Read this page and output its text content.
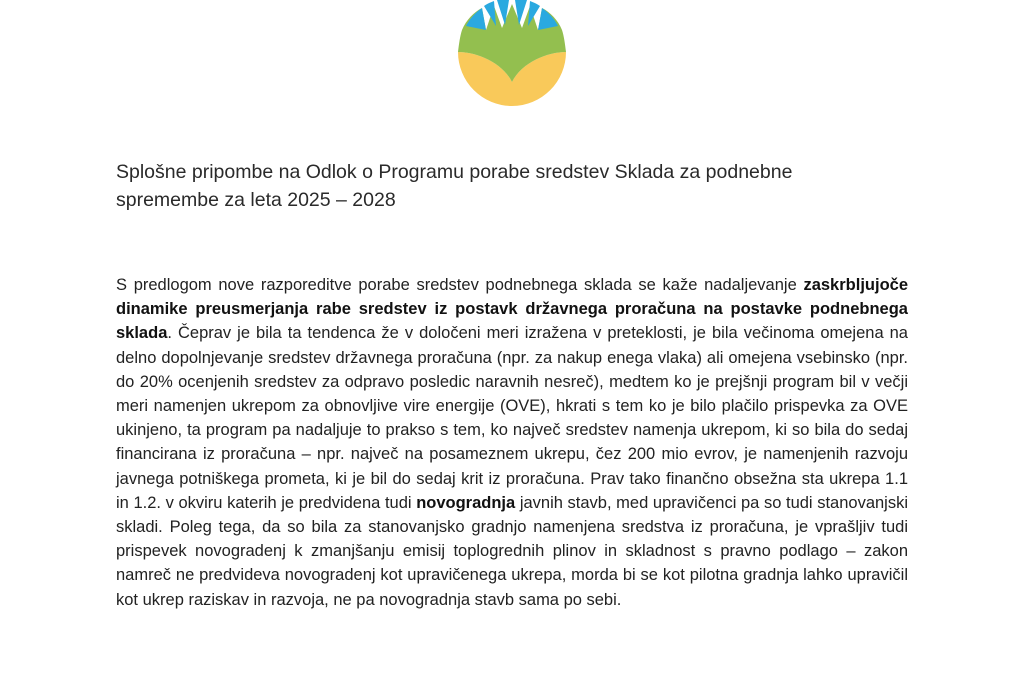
Splošne pripombe na Odlok o Programu porabe sredstev Sklada za podnebne spremembe za leta 2025 – 2028

S predlogom nove razporeditve porabe sredstev podnebnega sklada se kaže nadaljevanje zaskrbljujoče dinamike preusmerjanja rabe sredstev iz postavk državnega proračuna na postavke podnebnega sklada. Čeprav je bila ta tendenca že v določeni meri izražena v preteklosti, je bila večinoma omejena na delno dopolnjevanje sredstev državnega proračuna (npr. za nakup enega vlaka) ali omejena vsebinsko (npr. do 20% ocenjenih sredstev za odpravo posledic naravnih nesreč), medtem ko je prejšnji program bil v večji meri namenjen ukrepom za obnovljive vire energije (OVE), hkrati s tem ko je bilo plačilo prispevka za OVE ukinjeno, ta program pa nadaljuje to prakso s tem, ko največ sredstev namenja ukrepom, ki so bila do sedaj financirana iz proračuna – npr. največ na posameznem ukrepu, čez 200 mio evrov, je namenjenih razvoju javnega potniškega prometa, ki je bil do sedaj krit iz proračuna. Prav tako finančno obsežna sta ukrepa 1.1 in 1.2. v okviru katerih je predvidena tudi novogradnja javnih stavb, med upravičenci pa so tudi stanovanjski skladi. Poleg tega, da so bila za stanovanjsko gradnjo namenjena sredstva iz proračuna, je vprašljiv tudi prispevek novogradenj k zmanjšanju emisij toplogrednih plinov in skladnost s pravno podlago – zakon namreč ne predvideva novogradenj kot upravičenega ukrepa, morda bi se kot pilotna gradnja lahko upravičil kot ukrep raziskav in razvoja, ne pa novogradnja stavb sama po sebi.
